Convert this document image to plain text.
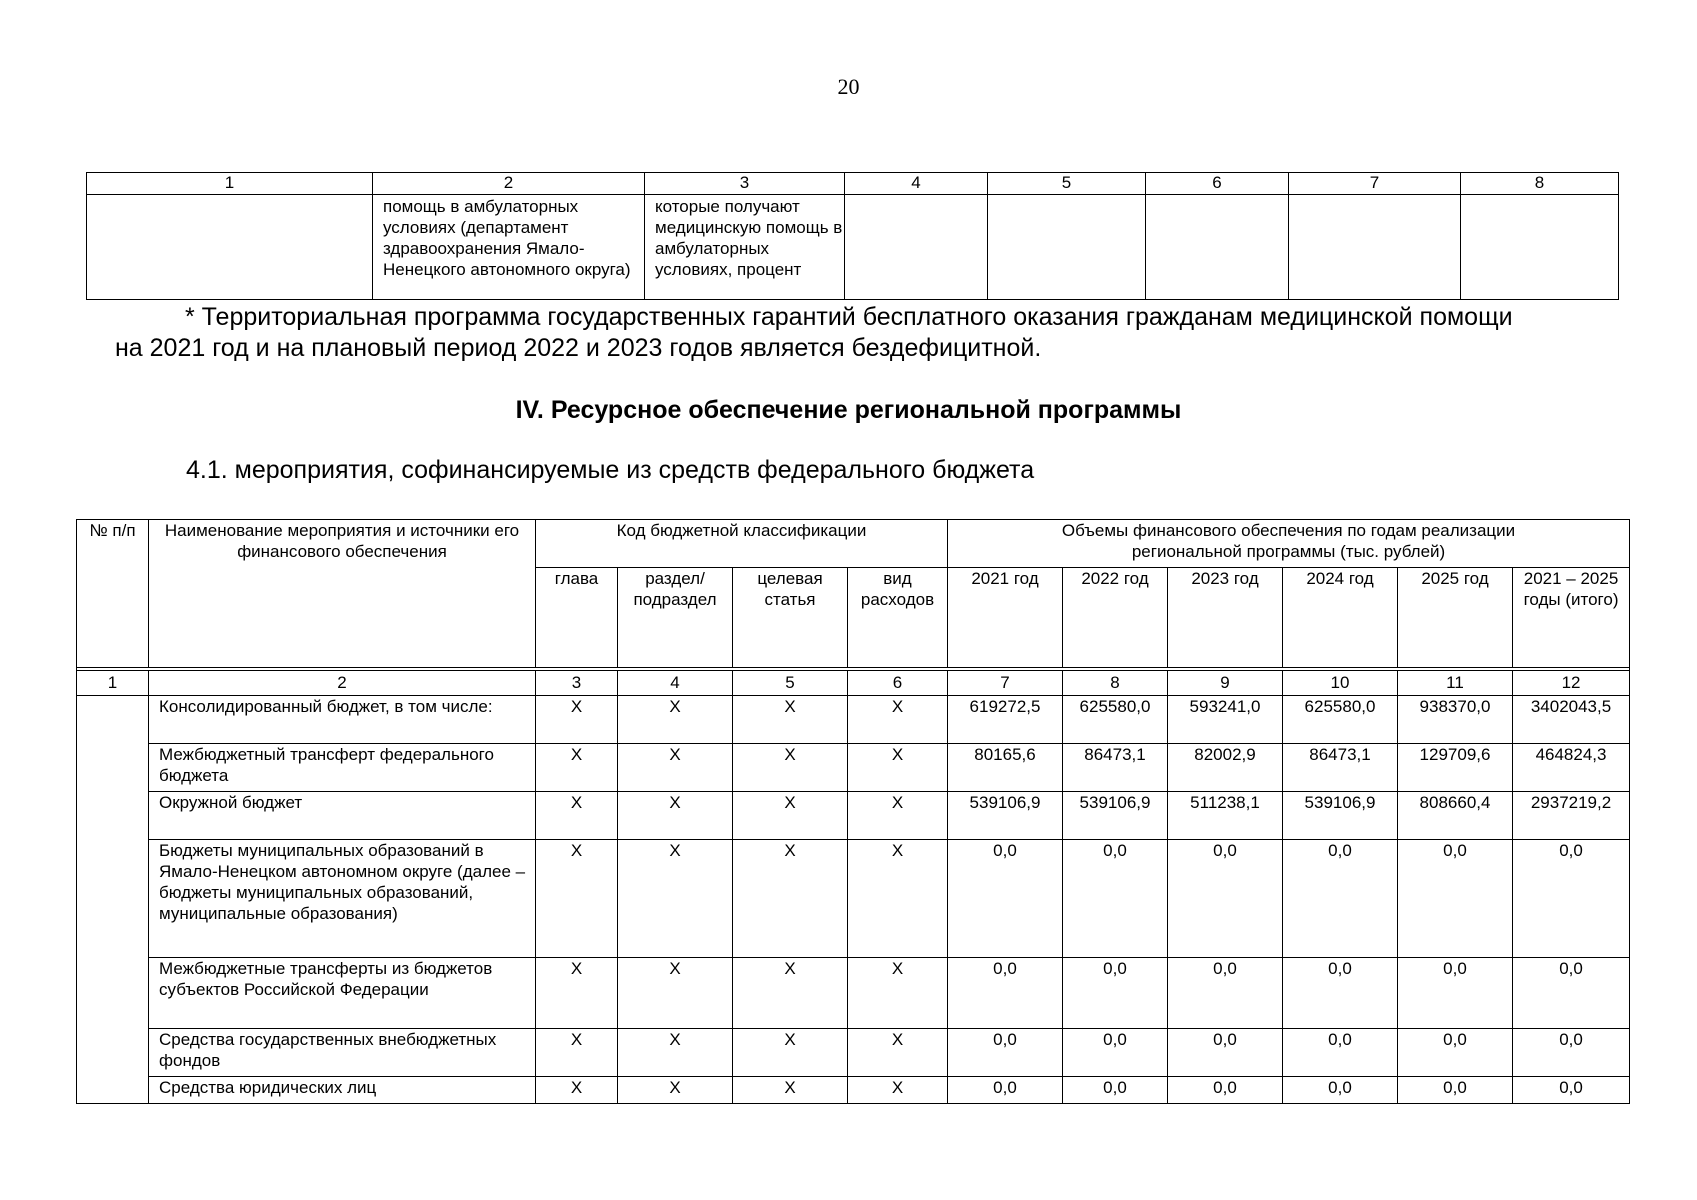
20
1	2	3	4	5	6	7	8
	помощь в амбулаторных условиях (департамент здравоохранения Ямало-Ненецкого автономного округа)	которые получают медицинскую помощь в амбулаторных условиях, процент					
* Территориальная программа государственных гарантий бесплатного оказания гражданам медицинской помощи
на 2021 год и на плановый период 2022 и 2023 годов является бездефицитной.
IV. Ресурсное обеспечение региональной программы
4.1. мероприятия, софинансируемые из средств федерального бюджета
№ п/п	Наименование мероприятия и источники его финансового обеспечения	Код бюджетной классификации				Объемы финансового обеспечения по годам реализации региональной программы (тыс. рублей)					
		глава	раздел/ подраздел	целевая статья	вид расходов	2021 год	2022 год	2023 год	2024 год	2025 год	2021 – 2025 годы (итого)

1	2	3	4	5	6	7	8	9	10	11	12
	Консолидированный бюджет, в том числе:	Х	Х	Х	Х	619272,5	625580,0	593241,0	625580,0	938370,0	3402043,5
	Межбюджетный трансферт федерального бюджета	Х	Х	Х	Х	80165,6	86473,1	82002,9	86473,1	129709,6	464824,3
	Окружной бюджет	Х	Х	Х	Х	539106,9	539106,9	511238,1	539106,9	808660,4	2937219,2
	Бюджеты муниципальных образований в Ямало-Ненецком автономном округе (далее – бюджеты муниципальных образований, муниципальные образования)	Х	Х	Х	Х	0,0	0,0	0,0	0,0	0,0	0,0
	Межбюджетные трансферты из бюджетов субъектов Российской Федерации	Х	Х	Х	Х	0,0	0,0	0,0	0,0	0,0	0,0
	Средства государственных внебюджетных фондов	Х	Х	Х	Х	0,0	0,0	0,0	0,0	0,0	0,0
	Средства юридических лиц	Х	Х	Х	Х	0,0	0,0	0,0	0,0	0,0	0,0
